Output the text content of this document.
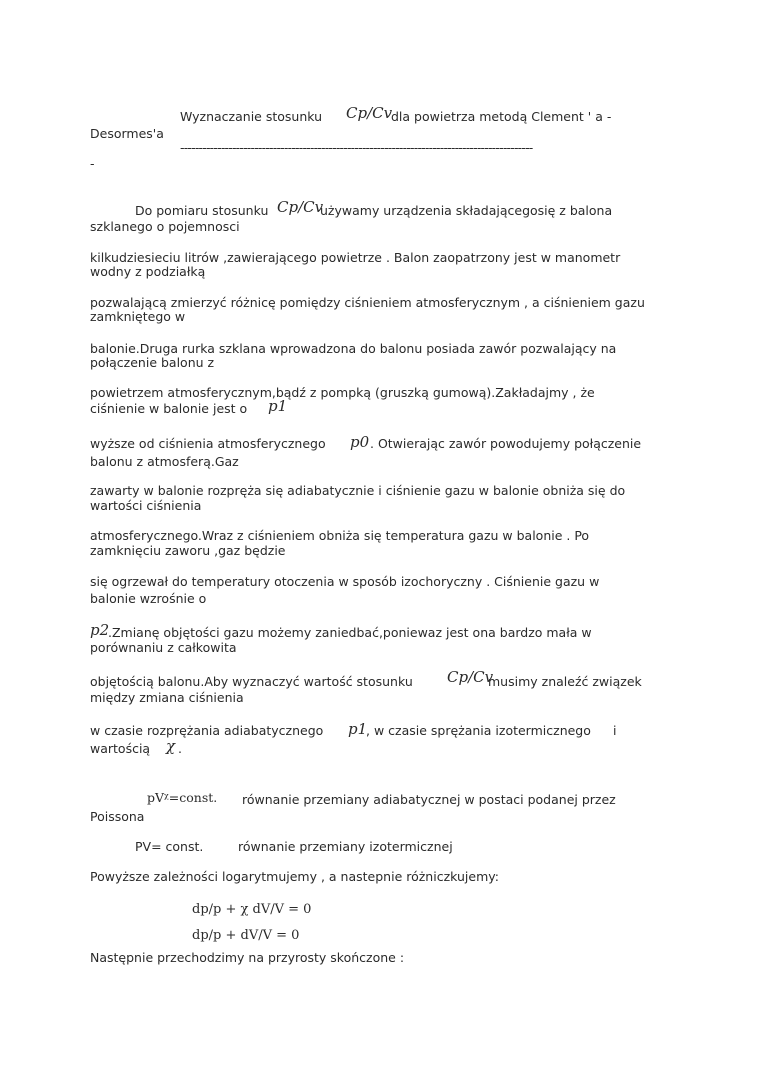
Wyznaczanie stosunku Cp/Cv
dla powietrza metodą Clement ' a -
Desormes'a
-----------------------------------------------------------------------------------------------
-
Do pomiaru stosunku Cp/Cv
używamy urządzenia składającegosię z balona
szklanego o pojemnosci
kilkudziesieciu litrów ,zawierającego powietrze . Balon zaopatrzony jest w manometr
wodny z podziałką
pozwalającą zmierzyć różnicę pomiędzy ciśnieniem atmosferycznym , a ciśnieniem gazu
zamkniętego w
balonie.Druga rurka szklana wprowadzona do balonu posiada zawór pozwalający na
połączenie balonu z
powietrzem atmosferycznym,bądź z pompką (gruszką gumową).Zakładajmy , że
ciśnienie w balonie jest o p1
wyższe od ciśnienia atmosferycznego p0 . Otwierając zawór powodujemy połączenie
balonu z atmosferą.Gaz
zawarty w balonie rozpręża się adiabatycznie i ciśnienie gazu w balonie obniża się do
wartości ciśnienia
atmosferycznego.Wraz z ciśnieniem obniża się temperatura gazu w balonie . Po
zamknięciu zaworu ,gaz będzie
się ogrzewał do temperatury otoczenia w sposób izochoryczny . Ciśnienie gazu w
balonie wzrośnie o
p2
.Zmianę objętości gazu możemy zaniedbać,poniewaz jest ona bardzo mała w
porównaniu z całkowita
objętością balonu.Aby wyznaczyć wartość stosunku Cp/Cv
musimy znaleźć związek
między zmiana ciśnienia
w czasie rozprężania adiabatycznego p1
, w czasie sprężania izotermicznego i
wartością χ .
pVᵡ=const. równanie przemiany adiabatycznej w postaci podanej przez
Poissona
PV= const.	równanie przemiany izotermicznej
Powyższe zależności logarytmujemy , a nastepnie różniczkujemy:
dp/p + χ dV/V = 0
dp/p + dV/V = 0
Następnie przechodzimy na przyrosty skończone :
